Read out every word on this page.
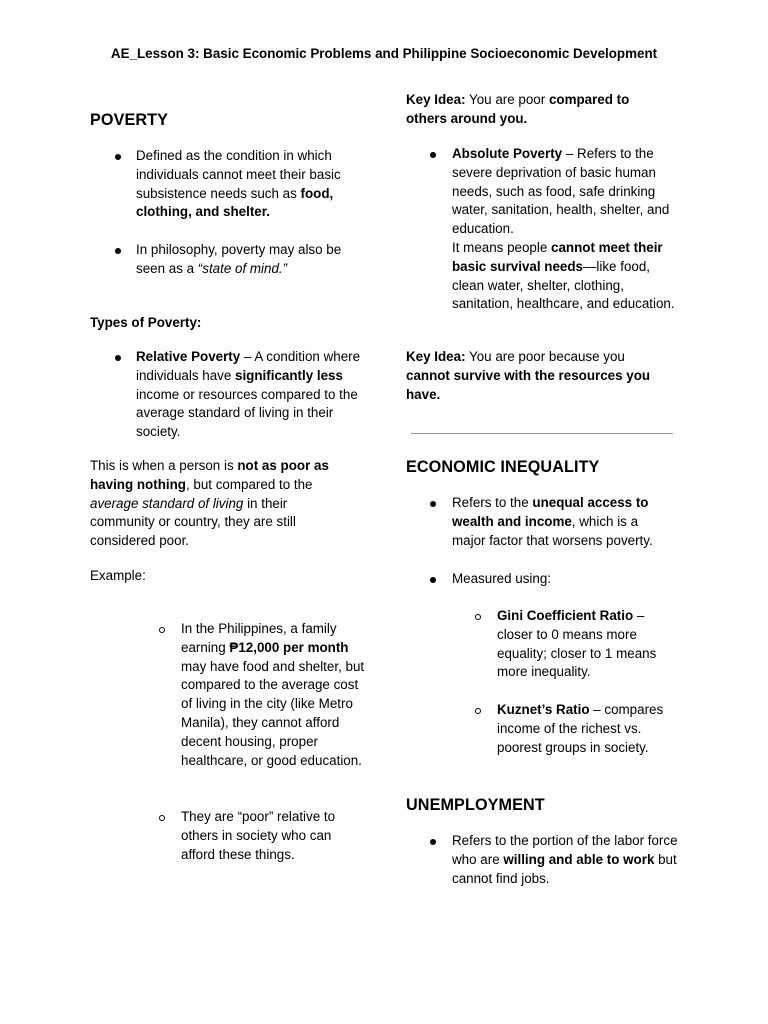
AE_Lesson 3: Basic Economic Problems and Philippine Socioeconomic Development
POVERTY
Defined as the condition in which individuals cannot meet their basic subsistence needs such as food, clothing, and shelter.
In philosophy, poverty may also be seen as a “state of mind.”
Types of Poverty:
Relative Poverty – A condition where individuals have significantly less income or resources compared to the average standard of living in their society.
This is when a person is not as poor as having nothing, but compared to the average standard of living in their community or country, they are still considered poor.
Example:
In the Philippines, a family earning ₱12,000 per month may have food and shelter, but compared to the average cost of living in the city (like Metro Manila), they cannot afford decent housing, proper healthcare, or good education.
They are “poor” relative to others in society who can afford these things.
Key Idea: You are poor compared to others around you.
Absolute Poverty – Refers to the severe deprivation of basic human needs, such as food, safe drinking water, sanitation, health, shelter, and education.
It means people cannot meet their basic survival needs—like food, clean water, shelter, clothing, sanitation, healthcare, and education.
Key Idea: You are poor because you cannot survive with the resources you have.
ECONOMIC INEQUALITY
Refers to the unequal access to wealth and income, which is a major factor that worsens poverty.
Measured using:
Gini Coefficient Ratio – closer to 0 means more equality; closer to 1 means more inequality.
Kuznet’s Ratio – compares income of the richest vs. poorest groups in society.
UNEMPLOYMENT
Refers to the portion of the labor force who are willing and able to work but cannot find jobs.
